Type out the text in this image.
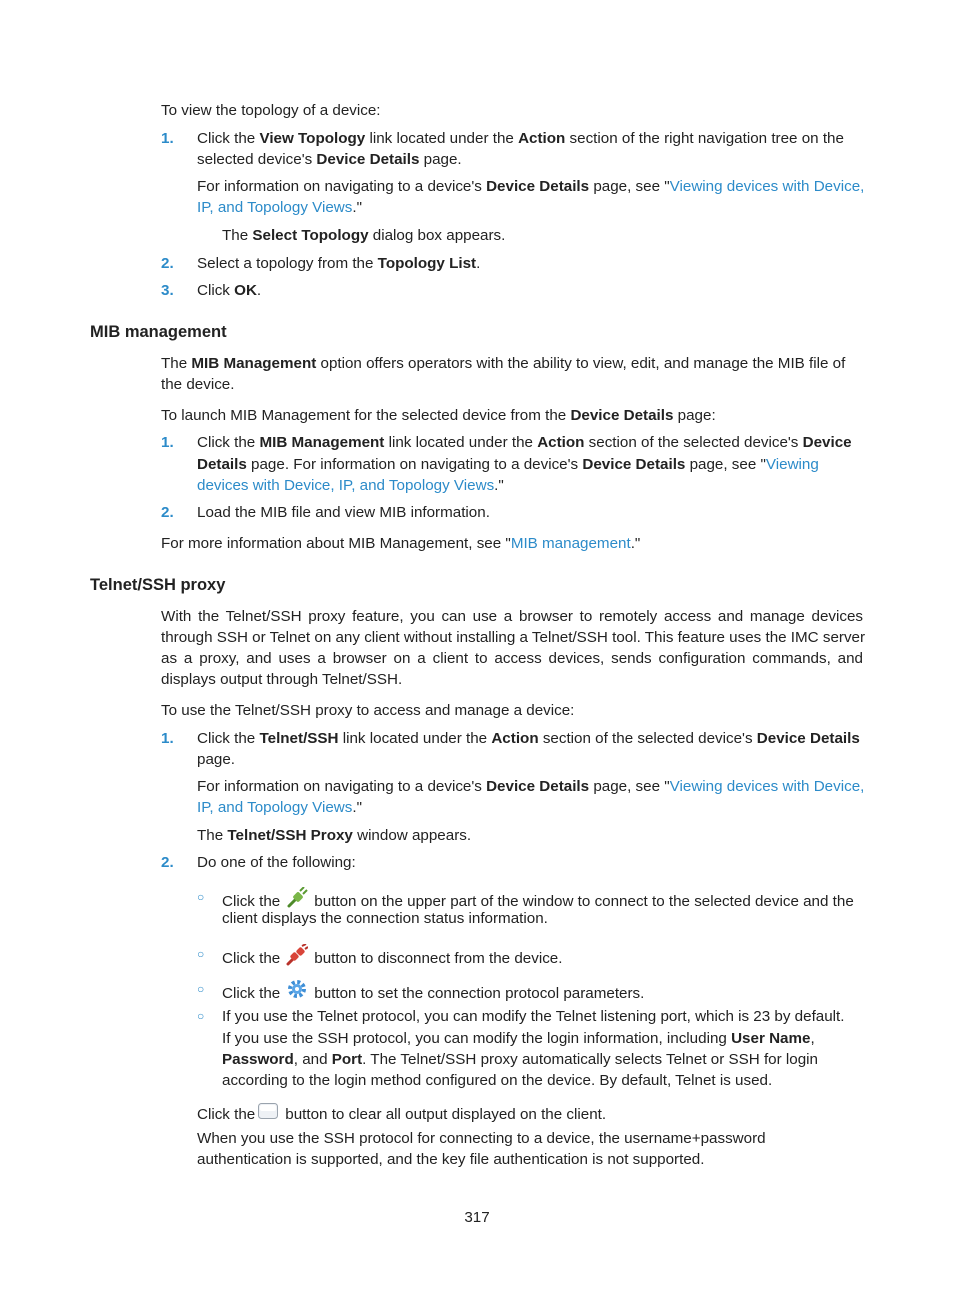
To view the topology of a device:
1. Click the View Topology link located under the Action section of the right navigation tree on the
selected device's Device Details page.
For information on navigating to a device's Device Details page, see "Viewing devices with Device,
IP, and Topology Views."
The Select Topology dialog box appears.
2. Select a topology from the Topology List.
3. Click OK.
MIB management
The MIB Management option offers operators with the ability to view, edit, and manage the MIB file of
the device.
To launch MIB Management for the selected device from the Device Details page:
1. Click the MIB Management link located under the Action section of the selected device's Device
Details page. For information on navigating to a device's Device Details page, see "Viewing
devices with Device, IP, and Topology Views."
2. Load the MIB file and view MIB information.
For more information about MIB Management, see "MIB management."
Telnet/SSH proxy
With the Telnet/SSH proxy feature, you can use a browser to remotely access and manage devices
through SSH or Telnet on any client without installing a Telnet/SSH tool. This feature uses the IMC server
as a proxy, and uses a browser on a client to access devices, sends configuration commands, and
displays output through Telnet/SSH.
To use the Telnet/SSH proxy to access and manage a device:
1. Click the Telnet/SSH link located under the Action section of the selected device's Device Details
page.
For information on navigating to a device's Device Details page, see "Viewing devices with Device,
IP, and Topology Views."
The Telnet/SSH Proxy window appears.
2. Do one of the following:
○ Click the button on the upper part of the window to connect to the selected device and the
client displays the connection status information.
○ Click the button to disconnect from the device.
○ Click the button to set the connection protocol parameters.
○ If you use the Telnet protocol, you can modify the Telnet listening port, which is 23 by default.
If you use the SSH protocol, you can modify the login information, including User Name,
Password, and Port. The Telnet/SSH proxy automatically selects Telnet or SSH for login
according to the login method configured on the device. By default, Telnet is used.
Click the button to clear all output displayed on the client.
When you use the SSH protocol for connecting to a device, the username+password
authentication is supported, and the key file authentication is not supported.
317
